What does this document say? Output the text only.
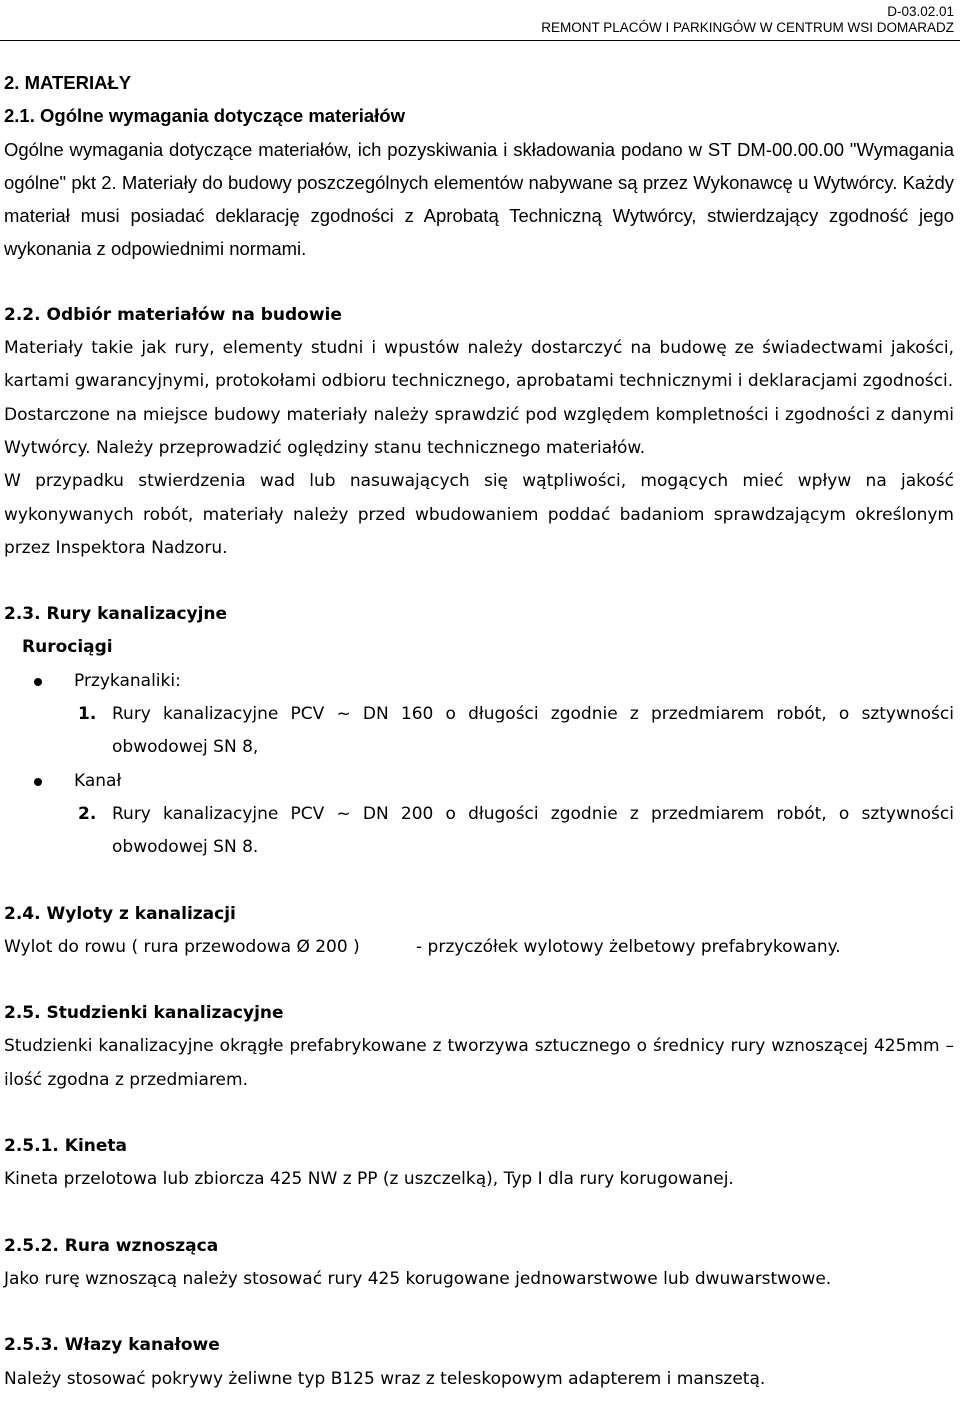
D-03.02.01
REMONT PLACÓW I PARKINGÓW W CENTRUM WSI DOMARADZ

2. MATERIAŁY

2.1. Ogólne wymagania dotyczące materiałów

Ogólne wymagania dotyczące materiałów, ich pozyskiwania i składowania podano w ST DM-00.00.00 "Wymagania ogólne" pkt 2. Materiały do budowy poszczególnych elementów nabywane są przez Wykonawcę u Wytwórcy. Każdy materiał musi posiadać deklarację zgodności z Aprobatą Techniczną Wytwórcy, stwierdzający zgodność jego wykonania z odpowiednimi normami.

2.2. Odbiór materiałów na budowie

Materiały takie jak rury, elementy studni i wpustów należy dostarczyć na budowę ze świadectwami jakości, kartami gwarancyjnymi, protokołami odbioru technicznego, aprobatami technicznymi i deklaracjami zgodności.

Dostarczone na miejsce budowy materiały należy sprawdzić pod względem kompletności i zgodności z danymi Wytwórcy. Należy przeprowadzić oględziny stanu technicznego materiałów.

W przypadku stwierdzenia wad lub nasuwających się wątpliwości, mogących mieć wpływ na jakość wykonywanych robót, materiały należy przed wbudowaniem poddać badaniom sprawdzającym określonym przez Inspektora Nadzoru.

2.3. Rury kanalizacyjne

Rurociągi

Przykanaliki:

1. Rury kanalizacyjne PCV ~ DN 160 o długości zgodnie z przedmiarem robót, o sztywności obwodowej SN 8,

Kanał

2. Rury kanalizacyjne PCV ~ DN 200 o długości zgodnie z przedmiarem robót, o sztywności obwodowej SN 8.

2.4. Wyloty z kanalizacji

Wylot do rowu ( rura przewodowa Ø 200 )	- przyczółek wylotowy żelbetowy prefabrykowany.

2.5. Studzienki kanalizacyjne

Studzienki kanalizacyjne okrągłe prefabrykowane z tworzywa sztucznego o średnicy rury wznoszącej 425mm – ilość zgodna z przedmiarem.

2.5.1. Kineta

Kineta przelotowa lub zbiorcza 425 NW z PP (z uszczelką), Typ I dla rury korugowanej.

2.5.2. Rura wznosząca

Jako rurę wznoszącą należy stosować rury 425 korugowane jednowarstwowe lub dwuwarstwowe.

2.5.3. Włazy kanałowe

Należy stosować pokrywy żeliwne typ B125 wraz z teleskopowym adapterem i manszetą.
